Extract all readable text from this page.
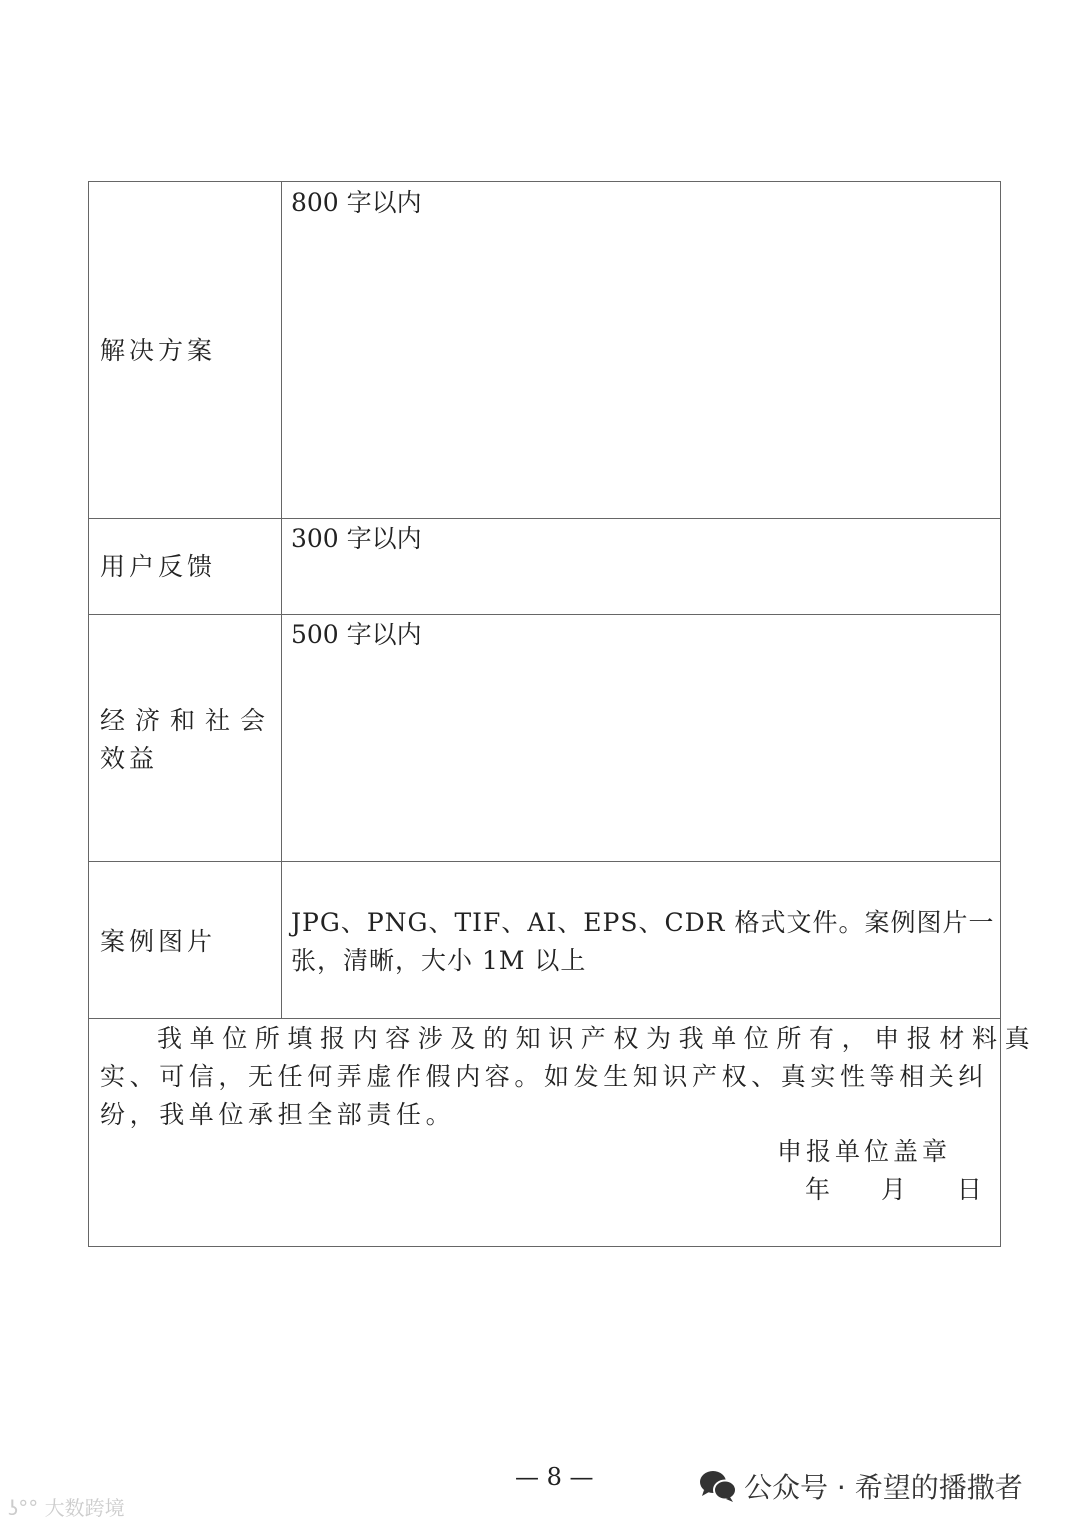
解决方案
800 字以内
用户反馈
300 字以内
经济和社会
效益
500 字以内
案例图片
JPG、PNG、TIF、AI、EPS、CDR 格式文件。案例图片一
张，清晰，大小 1M 以上
我单位所填报内容涉及的知识产权为我单位所有，申报材料真
实、可信，无任何弄虚作假内容。如发生知识产权、真实性等相关纠
纷，我单位承担全部责任。
申报单位盖章
年　 月　 日
— 8 —	公众号 · 希望的播撒者
ʖ°° 大数跨境
